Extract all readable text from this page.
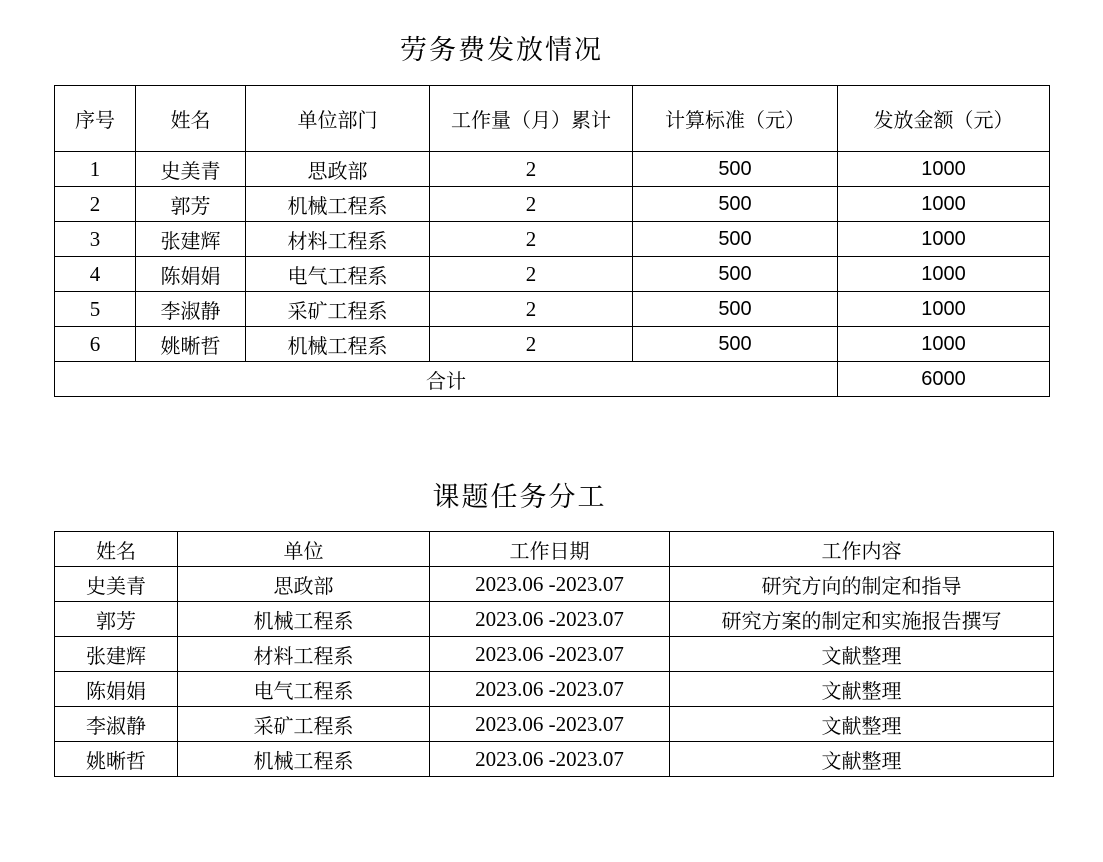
劳务费发放情况
序号	姓名	单位部门	工作量（月）累计	计算标准（元）	发放金额（元）
1	史美青	思政部	2	500	1000
2	郭芳	机械工程系	2	500	1000
3	张建辉	材料工程系	2	500	1000
4	陈娟娟	电气工程系	2	500	1000
5	李淑静	采矿工程系	2	500	1000
6	姚晰哲	机械工程系	2	500	1000
合计					6000
课题任务分工
姓名	单位	工作日期	工作内容
史美青	思政部	2023.06 -2023.07	研究方向的制定和指导
郭芳	机械工程系	2023.06 -2023.07	研究方案的制定和实施报告撰写
张建辉	材料工程系	2023.06 -2023.07	文献整理
陈娟娟	电气工程系	2023.06 -2023.07	文献整理
李淑静	采矿工程系	2023.06 -2023.07	文献整理
姚晰哲	机械工程系	2023.06 -2023.07	文献整理
